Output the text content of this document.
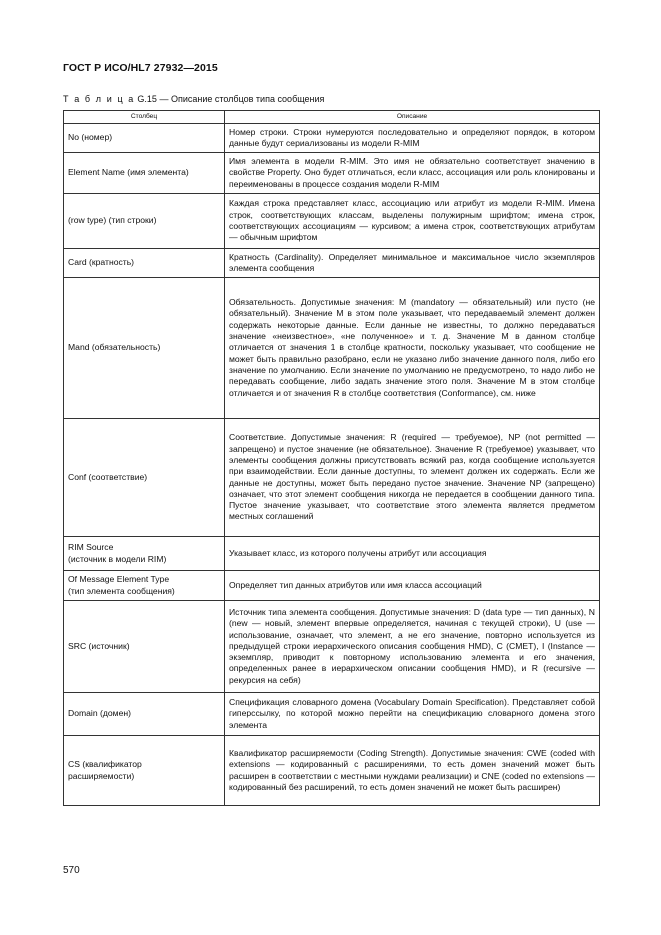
ГОСТ Р ИСО/HL7 27932—2015
Т а б л и ц а G.15 — Описание столбцов типа сообщения
Столбец	Описание
No (номер)	Номер строки. Строки нумеруются последовательно и определяют порядок, в котором данные будут сериализованы из модели R-MIM
Element Name (имя элемента)	Имя элемента в модели R-MIM. Это имя не обязательно соответствует значению в свойстве Property. Оно будет отличаться, если класс, ассоциация или роль клонированы и переименованы в процессе создания модели R-MIM
(row type) (тип строки)	Каждая строка представляет класс, ассоциацию или атрибут из модели R-MIM. Имена строк, соответствующих классам, выделены полужирным шрифтом; имена строк, соответствующих ассоциациям — курсивом; а имена строк, соответствующих атрибутам — обычным шрифтом
Card (кратность)	Кратность (Cardinality). Определяет минимальное и максимальное число экземпляров элемента сообщения
Mand (обязательность)	Обязательность. Допустимые значения: M (mandatory — обязательный) или пусто (не обязательный). Значение M в этом поле указывает, что передаваемый элемент должен содержать некоторые данные. Если данные не известны, то должно передаваться значение «неизвестное», «не полученное» и т. д. Значение M в данном столбце отличается от значения 1 в столбце кратности, поскольку указывает, что сообщение не может быть правильно разобрано, если не указано либо значение данного поля, либо его значение по умолчанию. Если значение по умолчанию не предусмотрено, то надо либо не передавать сообщение, либо задать значение этого поля. Значение M в этом столбце отличается и от значения R в столбце соответствия (Conformance), см. ниже
Conf (соответствие)	Соответствие. Допустимые значения: R (required — требуемое), NP (not permitted — запрещено) и пустое значение (не обязательное). Значение R (требуемое) указывает, что элементы сообщения должны присутствовать всякий раз, когда сообщение используется при взаимодействии. Если данные доступны, то элемент должен их содержать. Если же данные не доступны, может быть передано пустое значение. Значение NP (запрещено) означает, что этот элемент сообщения никогда не передается в сообщении данного типа. Пустое значение указывает, что соответствие этого элемента является предметом местных соглашений
RIM Source
(источник в модели RIM)	Указывает класс, из которого получены атрибут или ассоциация
Of Message Element Type
(тип элемента сообщения)	Определяет тип данных атрибутов или имя класса ассоциаций
SRC (источник)	Источник типа элемента сообщения. Допустимые значения: D (data type — тип данных), N (new — новый, элемент впервые определяется, начиная с текущей строки), U (use — использование, означает, что элемент, а не его значение, повторно используется из предыдущей строки иерархического описания сообщения HMD), C (CMET), I (Instance — экземпляр, приводит к повторному использованию элемента и его значения, определенных ранее в иерархическом описании сообщения HMD), и R (recursive — рекурсия на себя)
Domain (домен)	Спецификация словарного домена (Vocabulary Domain Specification). Представляет собой гиперссылку, по которой можно перейти на спецификацию словарного домена этого элемента
CS (квалификатор
расширяемости)	Квалификатор расширяемости (Coding Strength). Допустимые значения: CWE (coded with extensions — кодированный с расширениями, то есть домен значений может быть расширен в соответствии с местными нуждами реализации) и CNE (coded no extensions — кодированный без расширений, то есть домен значений не может быть расширен)
570
